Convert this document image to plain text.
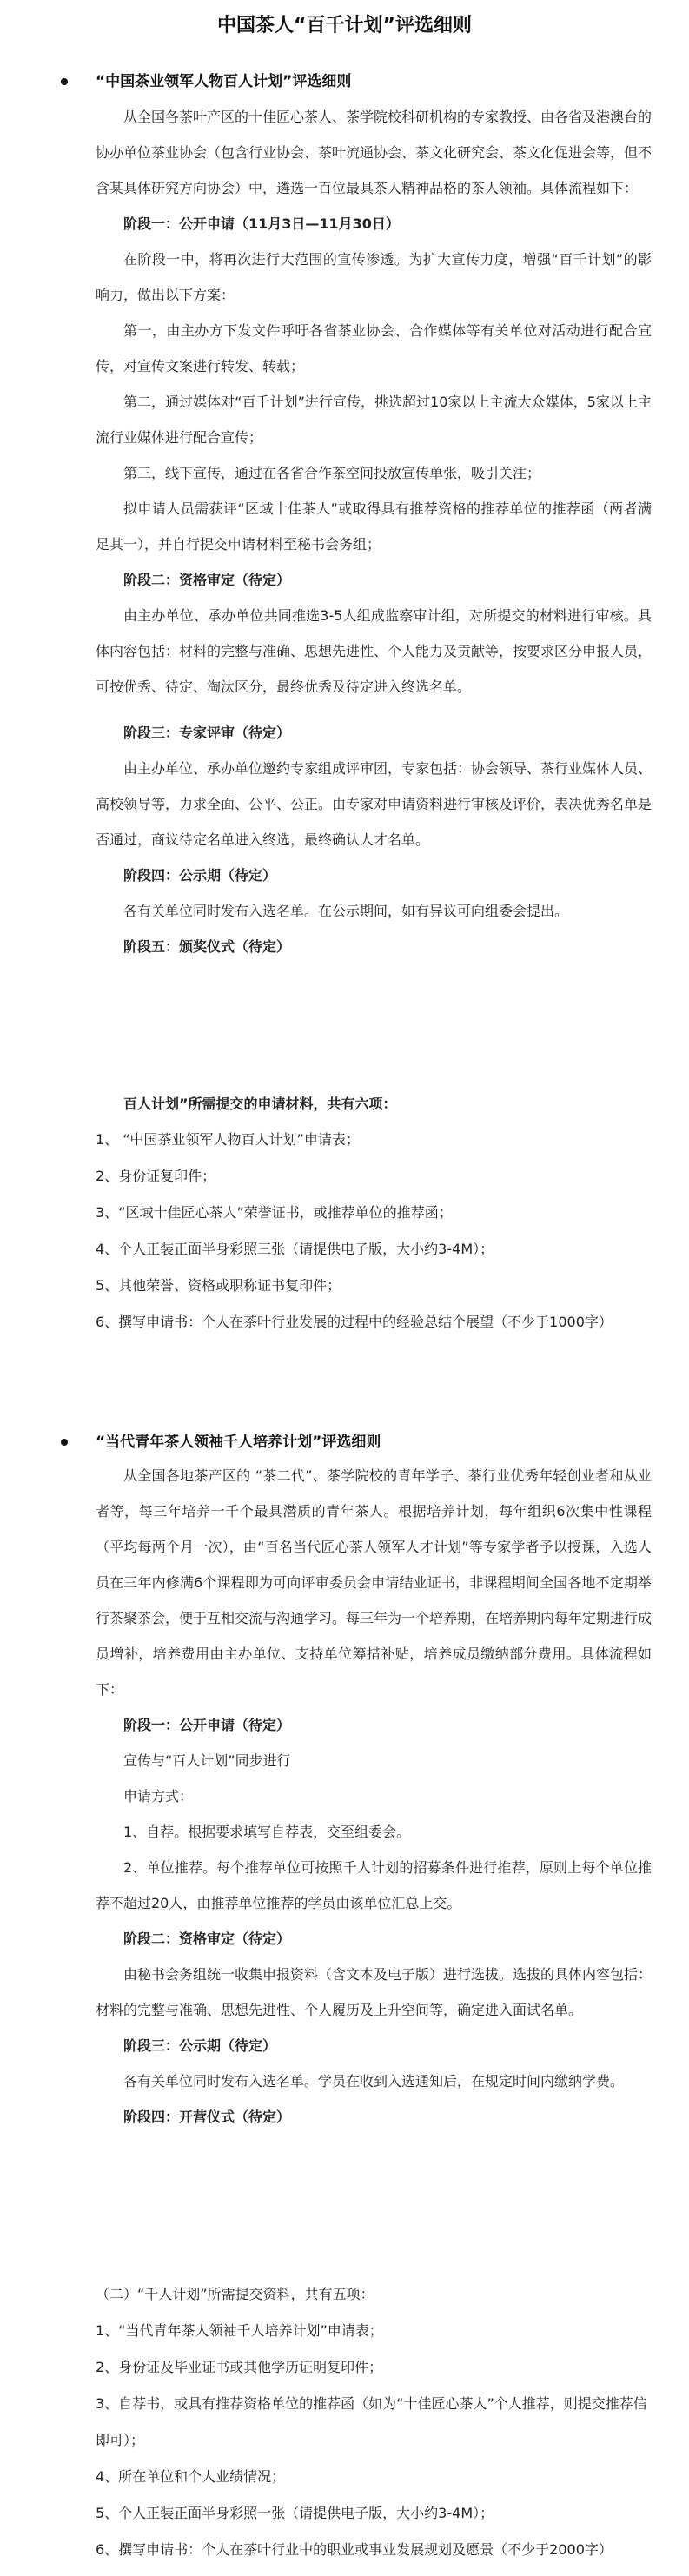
中国茶人“百千计划”评选细则
“中国茶业领军人物百人计划”评选细则

从全国各茶叶产区的十佳匠心茶人、茶学院校科研机构的专家教授、由各省及港澳台的协办单位茶业协会（包含行业协会、茶叶流通协会、茶文化研究会、茶文化促进会等，但不含某具体研究方向协会）中，遴选一百位最具茶人精神品格的茶人领袖。具体流程如下：

阶段一：公开申请（11月3日—11月30日）

在阶段一中，将再次进行大范围的宣传渗透。为扩大宣传力度，增强“百千计划”的影响力，做出以下方案：

第一，由主办方下发文件呼吁各省茶业协会、合作媒体等有关单位对活动进行配合宣传，对宣传文案进行转发、转载；

第二，通过媒体对“百千计划”进行宣传，挑选超过10家以上主流大众媒体，5家以上主流行业媒体进行配合宣传；

第三，线下宣传，通过在各省合作茶空间投放宣传单张，吸引关注；

拟申请人员需获评“区域十佳茶人”或取得具有推荐资格的推荐单位的推荐函（两者满足其一），并自行提交申请材料至秘书会务组；

阶段二：资格审定（待定）

由主办单位、承办单位共同推选3-5人组成监察审计组，对所提交的材料进行审核。具体内容包括：材料的完整与准确、思想先进性、个人能力及贡献等，按要求区分申报人员，可按优秀、待定、淘汰区分，最终优秀及待定进入终选名单。

阶段三：专家评审（待定）

由主办单位、承办单位邀约专家组成评审团，专家包括：协会领导、茶行业媒体人员、高校领导等，力求全面、公平、公正。由专家对申请资料进行审核及评价，表决优秀名单是否通过，商议待定名单进入终选，最终确认人才名单。

阶段四：公示期（待定）

各有关单位同时发布入选名单。在公示期间，如有异议可向组委会提出。

阶段五：颁奖仪式（待定）

百人计划”所需提交的申请材料，共有六项：

1、 “中国茶业领军人物百人计划”申请表；

2、身份证复印件；

3、“区域十佳匠心茶人”荣誉证书，或推荐单位的推荐函；

4、个人正装正面半身彩照三张（请提供电子版，大小约3-4M）；

5、其他荣誉、资格或职称证书复印件；

6、撰写申请书：个人在茶叶行业发展的过程中的经验总结个展望（不少于1000字）

“当代青年茶人领袖千人培养计划”评选细则

从全国各地茶产区的 “茶二代”、茶学院校的青年学子、茶行业优秀年轻创业者和从业者等，每三年培养一千个最具潜质的青年茶人。根据培养计划，每年组织6次集中性课程（平均每两个月一次），由“百名当代匠心茶人领军人才计划”等专家学者予以授课，入选人员在三年内修满6个课程即为可向评审委员会申请结业证书，非课程期间全国各地不定期举行茶聚茶会，便于互相交流与沟通学习。每三年为一个培养期，在培养期内每年定期进行成员增补，培养费用由主办单位、支持单位筹措补贴，培养成员缴纳部分费用。具体流程如下：

阶段一：公开申请（待定）

宣传与“百人计划”同步进行

申请方式：

1、自荐。根据要求填写自荐表，交至组委会。

2、单位推荐。每个推荐单位可按照千人计划的招募条件进行推荐，原则上每个单位推荐不超过20人，由推荐单位推荐的学员由该单位汇总上交。

阶段二：资格审定（待定）

由秘书会务组统一收集申报资料（含文本及电子版）进行选拔。选拔的具体内容包括：材料的完整与准确、思想先进性、个人履历及上升空间等，确定进入面试名单。

阶段三：公示期（待定）

各有关单位同时发布入选名单。学员在收到入选通知后，在规定时间内缴纳学费。

阶段四：开营仪式（待定）

（二）“千人计划”所需提交资料，共有五项：

1、“当代青年茶人领袖千人培养计划”申请表；

2、身份证及毕业证书或其他学历证明复印件；

3、自荐书，或具有推荐资格单位的推荐函（如为“十佳匠心茶人”个人推荐，则提交推荐信即可）；

4、所在单位和个人业绩情况；

5、个人正装正面半身彩照一张（请提供电子版，大小约3-4M）；

6、撰写申请书：个人在茶叶行业中的职业或事业发展规划及愿景（不少于2000字）
